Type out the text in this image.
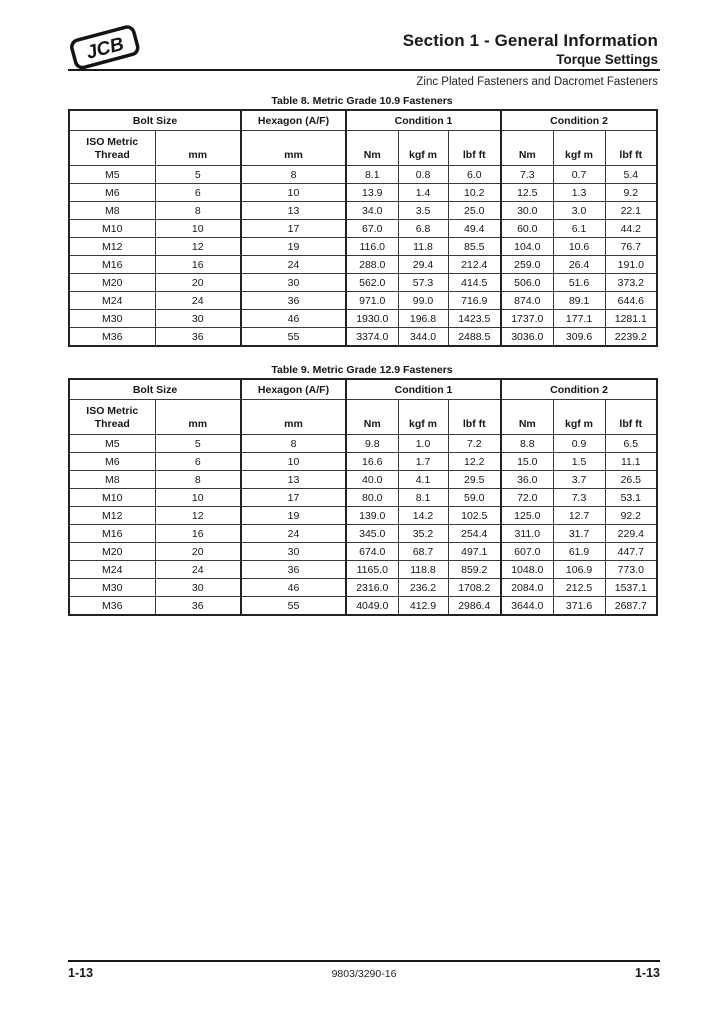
JCB	Section 1 - General Information
Torque Settings
Zinc Plated Fasteners and Dacromet Fasteners
Table 8. Metric Grade 10.9 Fasteners
Bolt Size		Hexagon (A/F)	Condition 1			Condition 2		
ISO Metric Thread	mm	mm	Nm	kgf m	lbf ft	Nm	kgf m	lbf ft
M5	5	8	8.1	0.8	6.0	7.3	0.7	5.4
M6	6	10	13.9	1.4	10.2	12.5	1.3	9.2
M8	8	13	34.0	3.5	25.0	30.0	3.0	22.1
M10	10	17	67.0	6.8	49.4	60.0	6.1	44.2
M12	12	19	116.0	11.8	85.5	104.0	10.6	76.7
M16	16	24	288.0	29.4	212.4	259.0	26.4	191.0
M20	20	30	562.0	57.3	414.5	506.0	51.6	373.2
M24	24	36	971.0	99.0	716.9	874.0	89.1	644.6
M30	30	46	1930.0	196.8	1423.5	1737.0	177.1	1281.1
M36	36	55	3374.0	344.0	2488.5	3036.0	309.6	2239.2
Table 9. Metric Grade 12.9 Fasteners
Bolt Size		Hexagon (A/F)	Condition 1			Condition 2		
ISO Metric Thread	mm	mm	Nm	kgf m	lbf ft	Nm	kgf m	lbf ft
M5	5	8	9.8	1.0	7.2	8.8	0.9	6.5
M6	6	10	16.6	1.7	12.2	15.0	1.5	11.1
M8	8	13	40.0	4.1	29.5	36.0	3.7	26.5
M10	10	17	80.0	8.1	59.0	72.0	7.3	53.1
M12	12	19	139.0	14.2	102.5	125.0	12.7	92.2
M16	16	24	345.0	35.2	254.4	311.0	31.7	229.4
M20	20	30	674.0	68.7	497.1	607.0	61.9	447.7
M24	24	36	1165.0	118.8	859.2	1048.0	106.9	773.0
M30	30	46	2316.0	236.2	1708.2	2084.0	212.5	1537.1
M36	36	55	4049.0	412.9	2986.4	3644.0	371.6	2687.7
1-13	9803/3290-16	1-13
